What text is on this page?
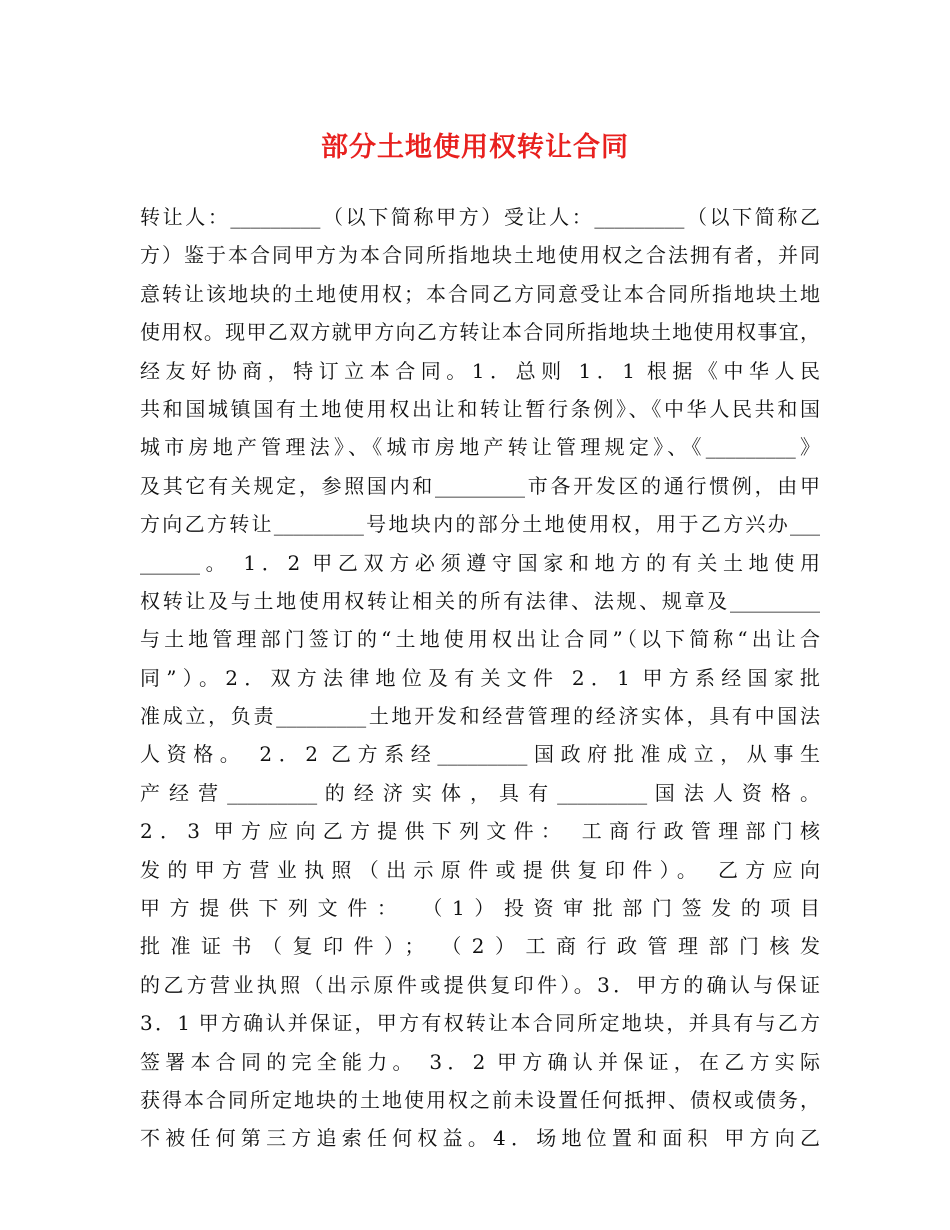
部分土地使用权转让合同
转让人：_________（以下简称甲方）受让人：_________（以下简称乙
方）鉴于本合同甲方为本合同所指地块土地使用权之合法拥有者，并同
意转让该地块的土地使用权；本合同乙方同意受让本合同所指地块土地
使用权。现甲乙双方就甲方向乙方转让本合同所指地块土地使用权事宜，
经友好协商，特订立本合同。1．总则 1．1 根据《中华人民
共和国城镇国有土地使用权出让和转让暂行条例》、《中华人民共和国
城市房地产管理法》、《城市房地产转让管理规定》、《_________》
及其它有关规定，参照国内和_________市各开发区的通行惯例，由甲
方向乙方转让_________号地块内的部分土地使用权，用于乙方兴办___
______。 1．2 甲乙双方必须遵守国家和地方的有关土地使用
权转让及与土地使用权转让相关的所有法律、法规、规章及_________
与土地管理部门签订的“土地使用权出让合同”（以下简称“出让合
同”）。2．双方法律地位及有关文件 2．1 甲方系经国家批
准成立，负责_________土地开发和经营管理的经济实体，具有中国法
人资格。 2．2 乙方系经_________国政府批准成立，从事生
产 经 营 _________ 的 经 济 实 体 ， 具 有 _________ 国 法 人 资 格 。
2．3 甲方应向乙方提供下列文件： 工商行政管理部门核
发的甲方营业执照（出示原件或提供复印件）。 乙方应向
甲方提供下列文件： （1）投资审批部门签发的项目
批准证书（复印件）； （2）工商行政管理部门核发
的乙方营业执照（出示原件或提供复印件）。3．甲方的确认与保证
3．1 甲方确认并保证，甲方有权转让本合同所定地块，并具有与乙方
签署本合同的完全能力。 3．2 甲方确认并保证，在乙方实际
获得本合同所定地块的土地使用权之前未设置任何抵押、债权或债务，
不被任何第三方追索任何权益。4．场地位置和面积 甲方向乙
